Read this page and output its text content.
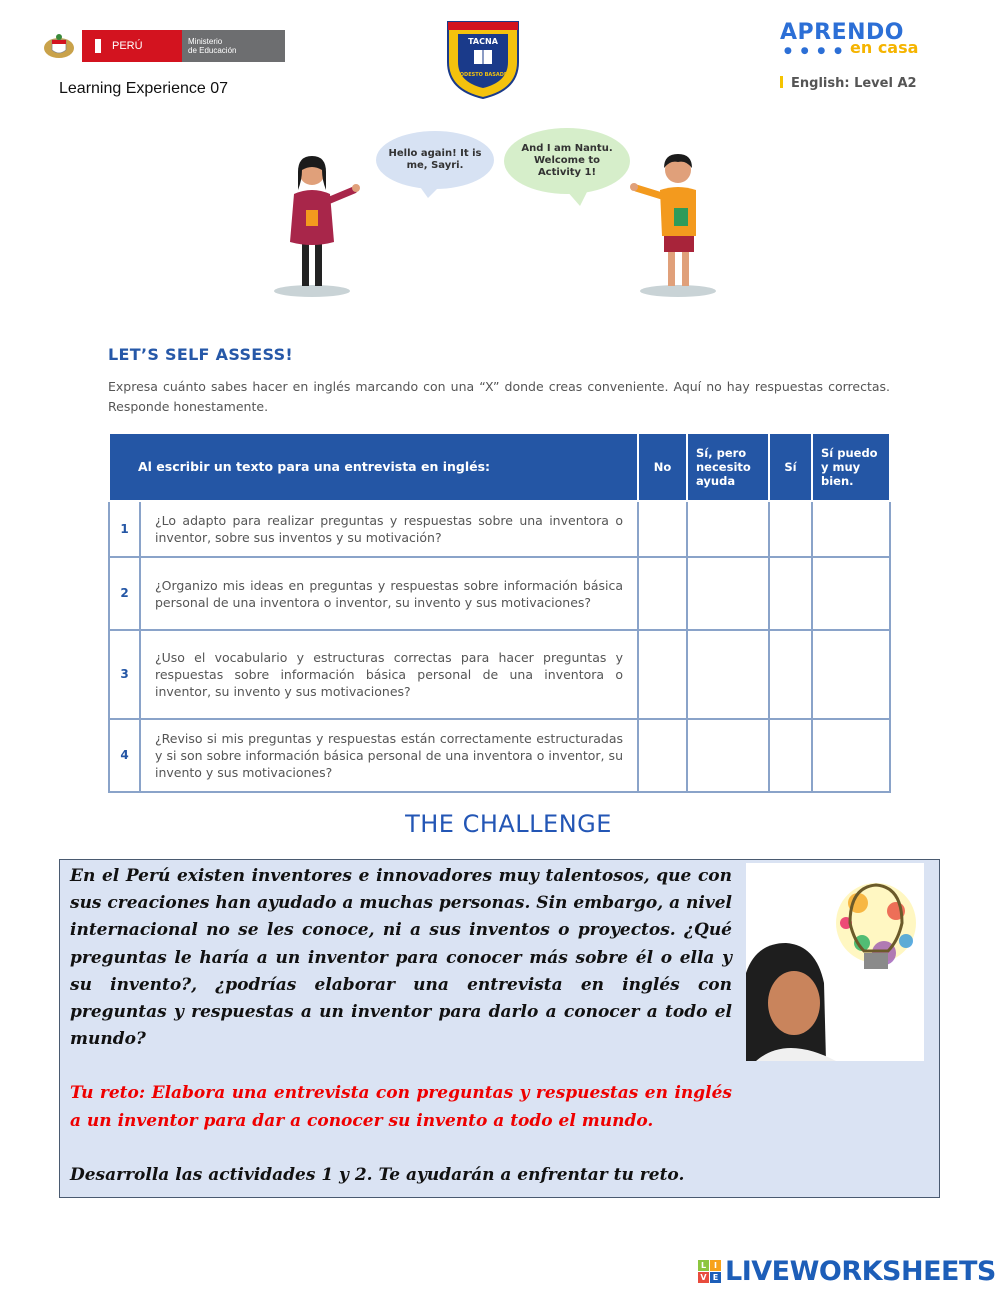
PERÚ	Ministerio
de Educación
Learning Experience 07
TACNA
MODESTO BASADRE
APRENDO
● ● ● ● en casa
English: Level A2
Hello again! It is me, Sayri.
And I am Nantu. Welcome to Activity 1!
LET’S SELF ASSESS!
Expresa cuánto sabes hacer en inglés marcando con una “X” donde creas conveniente. Aquí no hay respuestas correctas. Responde honestamente.
Al escribir un texto para una entrevista en inglés:		No	Sí, pero necesito ayuda	Sí	Sí puedo y muy bien.
1	¿Lo adapto para realizar preguntas y respuestas sobre una inventora o inventor, sobre sus inventos y su motivación?				
2	¿Organizo mis ideas en preguntas y respuestas sobre información básica personal de una inventora o inventor, su invento y sus motivaciones?				
3	¿Uso el vocabulario y estructuras correctas para hacer preguntas y respuestas sobre información básica personal de una inventora o inventor, su invento y sus motivaciones?				
4	¿Reviso si mis preguntas y respuestas están correctamente estructuradas y si son sobre información básica personal de una inventora o inventor, su invento y sus motivaciones?				
THE CHALLENGE

En el Perú existen inventores e innovadores muy talentosos, que con sus creaciones han ayudado a muchas personas. Sin embargo, a nivel internacional no se les conoce, ni a sus inventos o proyectos. ¿Qué preguntas le haría a un inventor para conocer más sobre él o ella y su invento?, ¿podrías elaborar una entrevista en inglés con preguntas y respuestas a un inventor para darlo a conocer a todo el mundo?

Tu reto: Elabora una entrevista con preguntas y respuestas en inglés a un inventor para dar a conocer su invento a todo el mundo.

Desarrolla las actividades 1 y 2. Te ayudarán a enfrentar tu reto.

L I
V E LIVEWORKSHEETS
